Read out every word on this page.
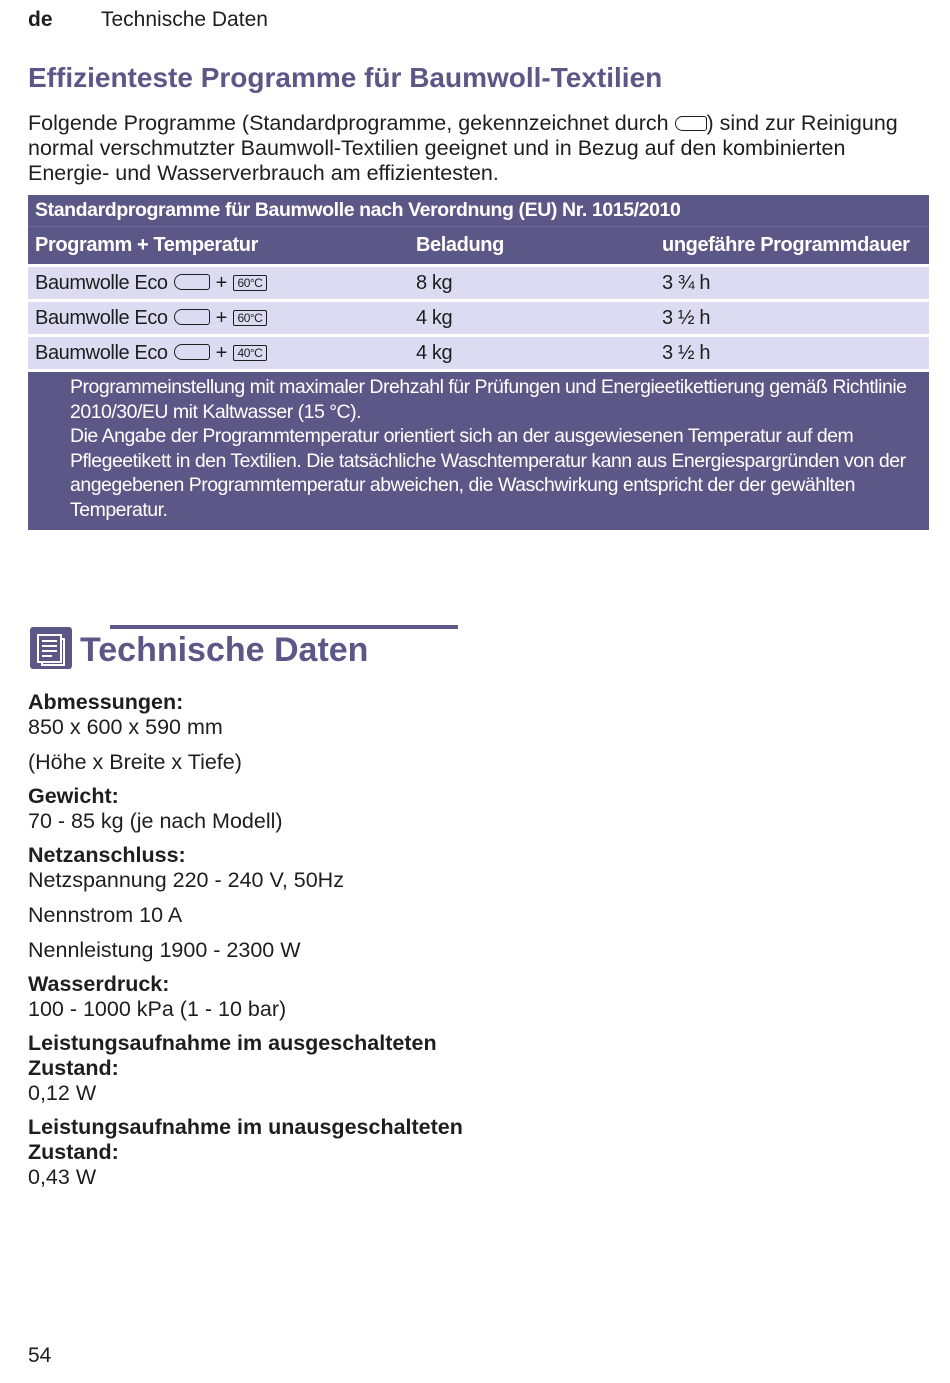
de	Technische Daten
Effizienteste Programme für Baumwoll-Textilien

Folgende Programme (Standardprogramme, gekennzeichnet durch ) sind zur Reinigung normal verschmutzter Baumwoll-Textilien geeignet und in Bezug auf den kombinierten Energie- und Wasserverbrauch am effizientesten.

Standardprogramme für Baumwolle nach Verordnung (EU) Nr. 1015/2010
Programm + Temperatur	Beladung	ungefähre Programmdauer
Baumwolle Eco + 60°C	8 kg	3 ¾ h
Baumwolle Eco + 60°C	4 kg	3 ½ h
Baumwolle Eco + 40°C	4 kg	3 ½ h

Programmeinstellung mit maximaler Drehzahl für Prüfungen und Energieetikettierung gemäß Richtlinie 2010/30/EU mit Kaltwasser (15 °C).

Die Angabe der Programmtemperatur orientiert sich an der ausgewiesenen Temperatur auf dem Pflegeetikett in den Textilien. Die tatsächliche Waschtemperatur kann aus Energiespargründen von der angegebenen Programmtemperatur abweichen, die Waschwirkung entspricht der der gewählten Temperatur.

Technische Daten
Abmessungen:
850 x 600 x 590 mm
(Höhe x Breite x Tiefe)
Gewicht:
70 - 85 kg (je nach Modell)
Netzanschluss:
Netzspannung 220 - 240 V, 50Hz
Nennstrom 10 A
Nennleistung 1900 - 2300 W
Wasserdruck:
100 - 1000 kPa (1 - 10 bar)
Leistungsaufnahme im ausgeschalteten Zustand:
0,12 W
Leistungsaufnahme im unausgeschalteten Zustand:
0,43 W
54
